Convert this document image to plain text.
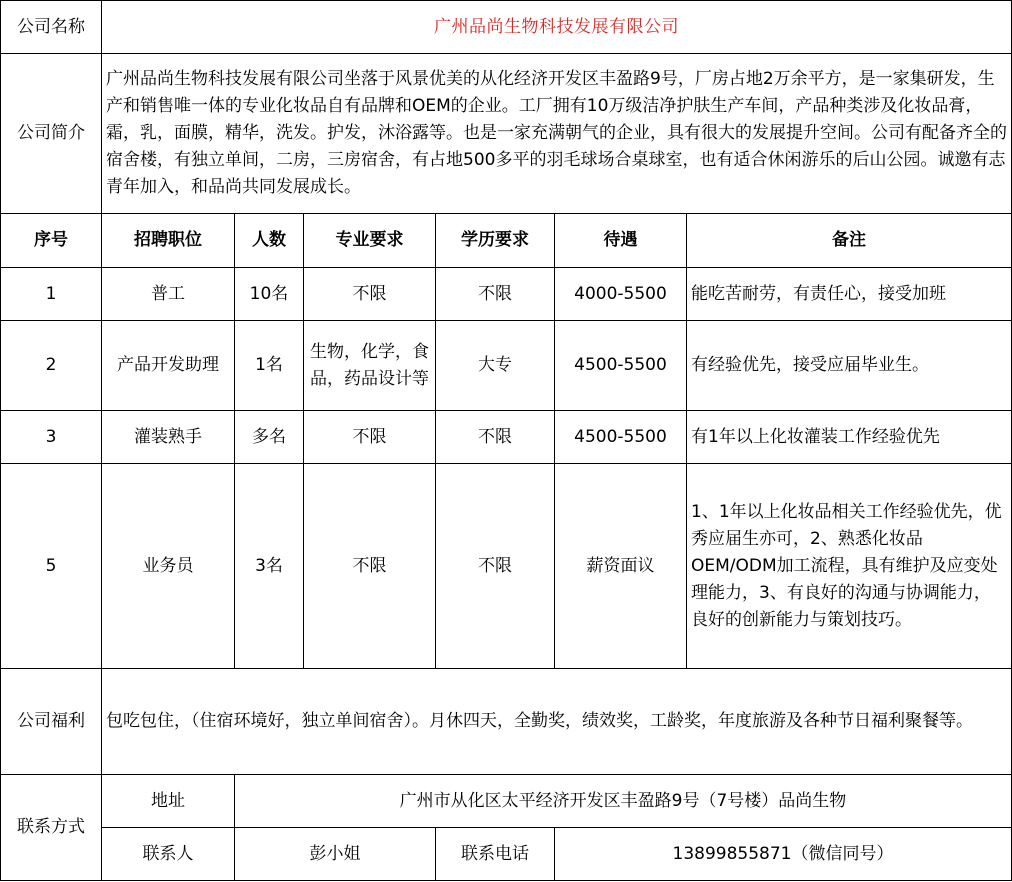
公司名称	广州品尚生物科技发展有限公司					
公司简介	广州品尚生物科技发展有限公司坐落于风景优美的从化经济开发区丰盈路9号，厂房占地2万余平方，是一家集研发，生产和销售唯一体的专业化妆品自有品牌和OEM的企业。工厂拥有10万级洁净护肤生产车间，产品种类涉及化妆品膏，霜，乳，面膜，精华，洗发。护发，沐浴露等。也是一家充满朝气的企业，具有很大的发展提升空间。公司有配备齐全的宿舍楼，有独立单间，二房，三房宿舍，有占地500多平的羽毛球场合桌球室，也有适合休闲游乐的后山公园。诚邀有志青年加入，和品尚共同发展成长。					
序号	招聘职位	人数	专业要求	学历要求	待遇	备注
1	普工	10名	不限	不限	4000-5500	能吃苦耐劳，有责任心，接受加班
2	产品开发助理	1名	生物，化学，食品，药品设计等	大专	4500-5500	有经验优先，接受应届毕业生。
3	灌装熟手	多名	不限	不限	4500-5500	有1年以上化妆灌装工作经验优先
5	业务员	3名	不限	不限	薪资面议	1、1年以上化妆品相关工作经验优先，优秀应届生亦可，2、熟悉化妆品OEM/ODM加工流程，具有维护及应变处理能力，3、有良好的沟通与协调能力，良好的创新能力与策划技巧。
公司福利	包吃包住，（住宿环境好，独立单间宿舍）。月休四天，全勤奖，绩效奖，工龄奖，年度旅游及各种节日福利聚餐等。					
联系方式	地址	广州市从化区太平经济开发区丰盈路9号（7号楼）品尚生物				
	联系人	彭小姐		联系电话	13899855871（微信同号）	
